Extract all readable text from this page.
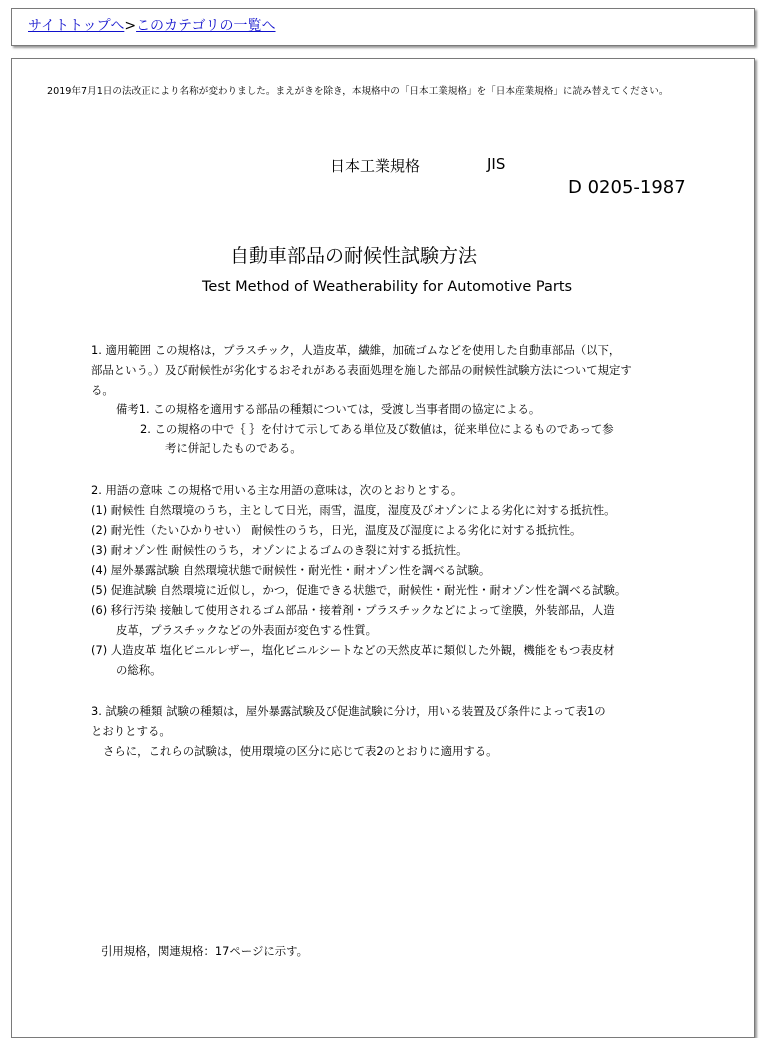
サイトトップへ>このカテゴリの一覧へ
2019年7月1日の法改正により名称が変わりました。まえがきを除き，本規格中の「日本工業規格」を「日本産業規格」に読み替えてください。
日本工業規格	JIS
D 0205-1987
自動車部品の耐候性試験方法
Test Method of Weatherability for Automotive Parts
1. 適用範囲 この規格は，プラスチック，人造皮革，繊維，加硫ゴムなどを使用した自動車部品（以下，
部品という。）及び耐候性が劣化するおそれがある表面処理を施した部品の耐候性試験方法について規定す
る。
備考1. この規格を適用する部品の種類については，受渡し当事者間の協定による。
2. この規格の中で｛ ｝を付けて示してある単位及び数値は，従来単位によるものであって参
考に併記したものである。
2. 用語の意味 この規格で用いる主な用語の意味は，次のとおりとする。
(1) 耐候性 自然環境のうち，主として日光，雨雪，温度，湿度及びオゾンによる劣化に対する抵抗性。
(2) 耐光性（たいひかりせい） 耐候性のうち，日光，温度及び湿度による劣化に対する抵抗性。
(3) 耐オゾン性 耐候性のうち，オゾンによるゴムのき裂に対する抵抗性。
(4) 屋外暴露試験 自然環境状態で耐候性・耐光性・耐オゾン性を調べる試験。
(5) 促進試験 自然環境に近似し，かつ，促進できる状態で，耐候性・耐光性・耐オゾン性を調べる試験。
(6) 移行汚染 接触して使用されるゴム部品・接着剤・プラスチックなどによって塗膜，外装部品，人造
皮革，プラスチックなどの外表面が変色する性質。
(7) 人造皮革 塩化ビニルレザー，塩化ビニルシートなどの天然皮革に類似した外観，機能をもつ表皮材
の総称。
3. 試験の種類 試験の種類は，屋外暴露試験及び促進試験に分け，用いる装置及び条件によって表1の
とおりとする。
さらに，これらの試験は，使用環境の区分に応じて表2のとおりに適用する。
引用規格，関連規格：17ページに示す。
